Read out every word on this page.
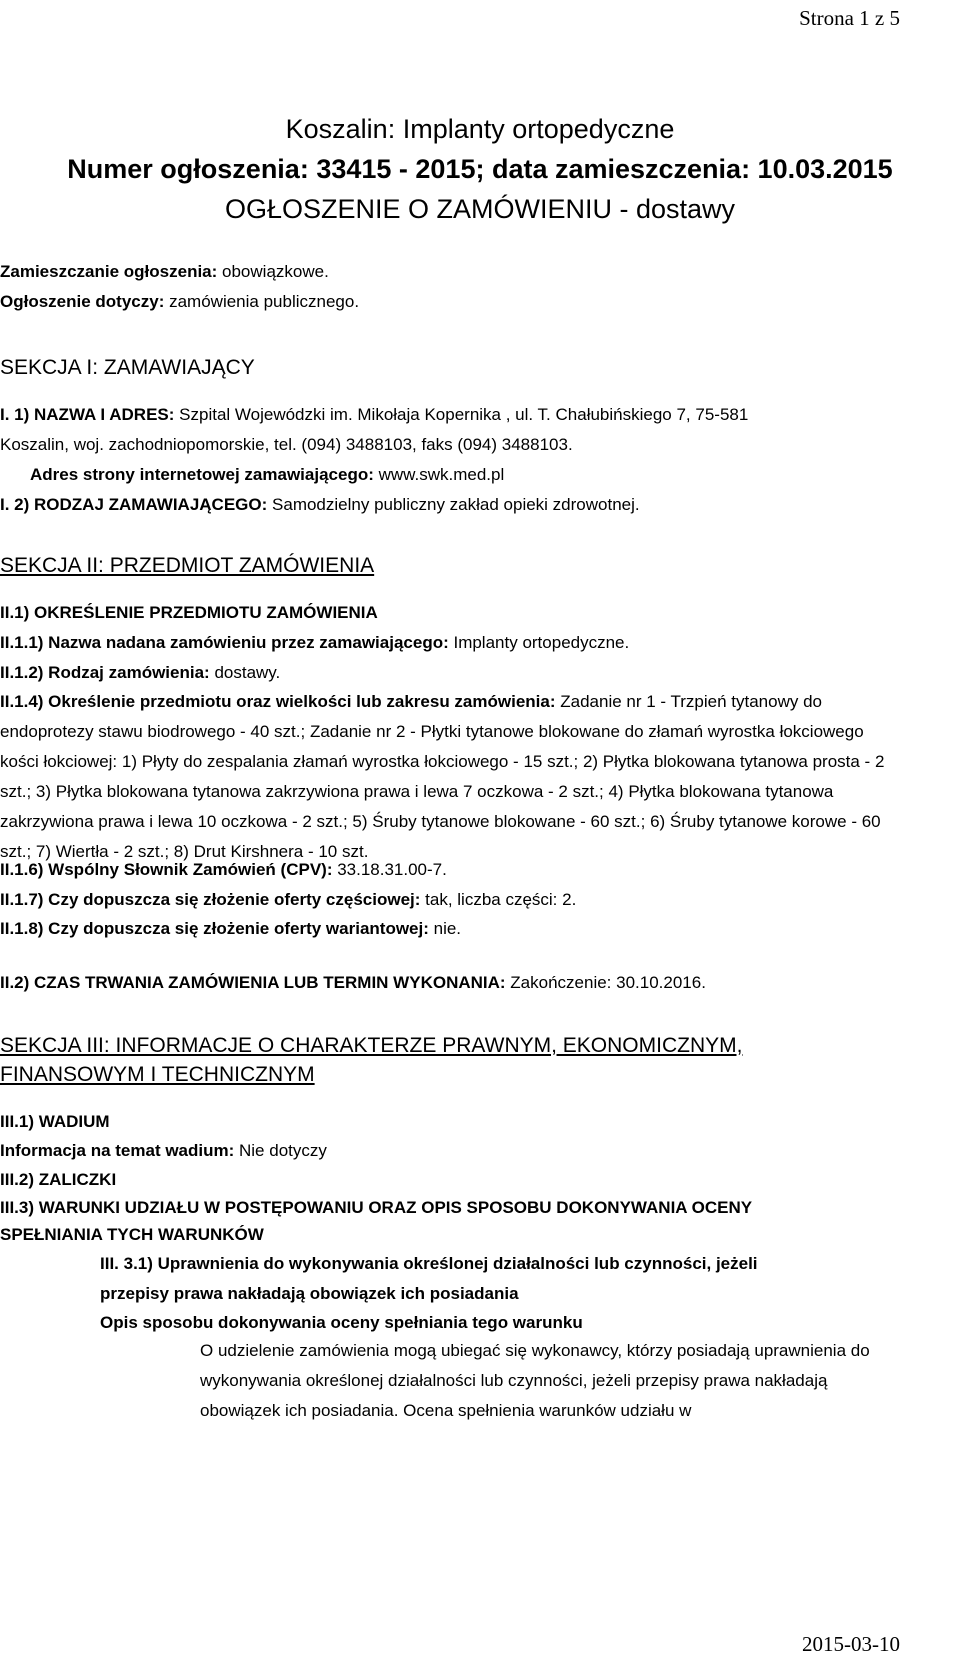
Strona 1 z 5
Koszalin: Implanty ortopedyczne
Numer ogłoszenia: 33415 - 2015; data zamieszczenia: 10.03.2015
OGŁOSZENIE O ZAMÓWIENIU - dostawy
Zamieszczanie ogłoszenia: obowiązkowe.
Ogłoszenie dotyczy: zamówienia publicznego.
SEKCJA I: ZAMAWIAJĄCY
I. 1) NAZWA I ADRES: Szpital Wojewódzki im. Mikołaja Kopernika , ul. T. Chałubińskiego 7, 75-581
Koszalin, woj. zachodniopomorskie, tel. (094) 3488103, faks (094) 3488103.
Adres strony internetowej zamawiającego: www.swk.med.pl
I. 2) RODZAJ ZAMAWIAJĄCEGO: Samodzielny publiczny zakład opieki zdrowotnej.
SEKCJA II: PRZEDMIOT ZAMÓWIENIA
II.1) OKREŚLENIE PRZEDMIOTU ZAMÓWIENIA
II.1.1) Nazwa nadana zamówieniu przez zamawiającego: Implanty ortopedyczne.
II.1.2) Rodzaj zamówienia: dostawy.
II.1.4) Określenie przedmiotu oraz wielkości lub zakresu zamówienia: Zadanie nr 1 - Trzpień tytanowy do endoprotezy stawu biodrowego - 40 szt.; Zadanie nr 2 - Płytki tytanowe blokowane do złamań wyrostka łokciowego kości łokciowej: 1) Płyty do zespalania złamań wyrostka łokciowego - 15 szt.; 2) Płytka blokowana tytanowa prosta - 2 szt.; 3) Płytka blokowana tytanowa zakrzywiona prawa i lewa 7 oczkowa - 2 szt.; 4) Płytka blokowana tytanowa zakrzywiona prawa i lewa 10 oczkowa - 2 szt.; 5) Śruby tytanowe blokowane - 60 szt.; 6) Śruby tytanowe korowe - 60 szt.; 7) Wiertła - 2 szt.; 8) Drut Kirshnera - 10 szt.
II.1.6) Wspólny Słownik Zamówień (CPV): 33.18.31.00-7.
II.1.7) Czy dopuszcza się złożenie oferty częściowej: tak, liczba części: 2.
II.1.8) Czy dopuszcza się złożenie oferty wariantowej: nie.
II.2) CZAS TRWANIA ZAMÓWIENIA LUB TERMIN WYKONANIA: Zakończenie: 30.10.2016.
SEKCJA III: INFORMACJE O CHARAKTERZE PRAWNYM, EKONOMICZNYM,
FINANSOWYM I TECHNICZNYM
III.1) WADIUM
Informacja na temat wadium: Nie dotyczy
III.2) ZALICZKI
III.3) WARUNKI UDZIAŁU W POSTĘPOWANIU ORAZ OPIS SPOSOBU DOKONYWANIA OCENY
SPEŁNIANIA TYCH WARUNKÓW
III. 3.1) Uprawnienia do wykonywania określonej działalności lub czynności, jeżeli
przepisy prawa nakładają obowiązek ich posiadania
Opis sposobu dokonywania oceny spełniania tego warunku
O udzielenie zamówienia mogą ubiegać się wykonawcy, którzy posiadają uprawnienia do wykonywania określonej działalności lub czynności, jeżeli przepisy prawa nakładają obowiązek ich posiadania. Ocena spełnienia warunków udziału w
2015-03-10
